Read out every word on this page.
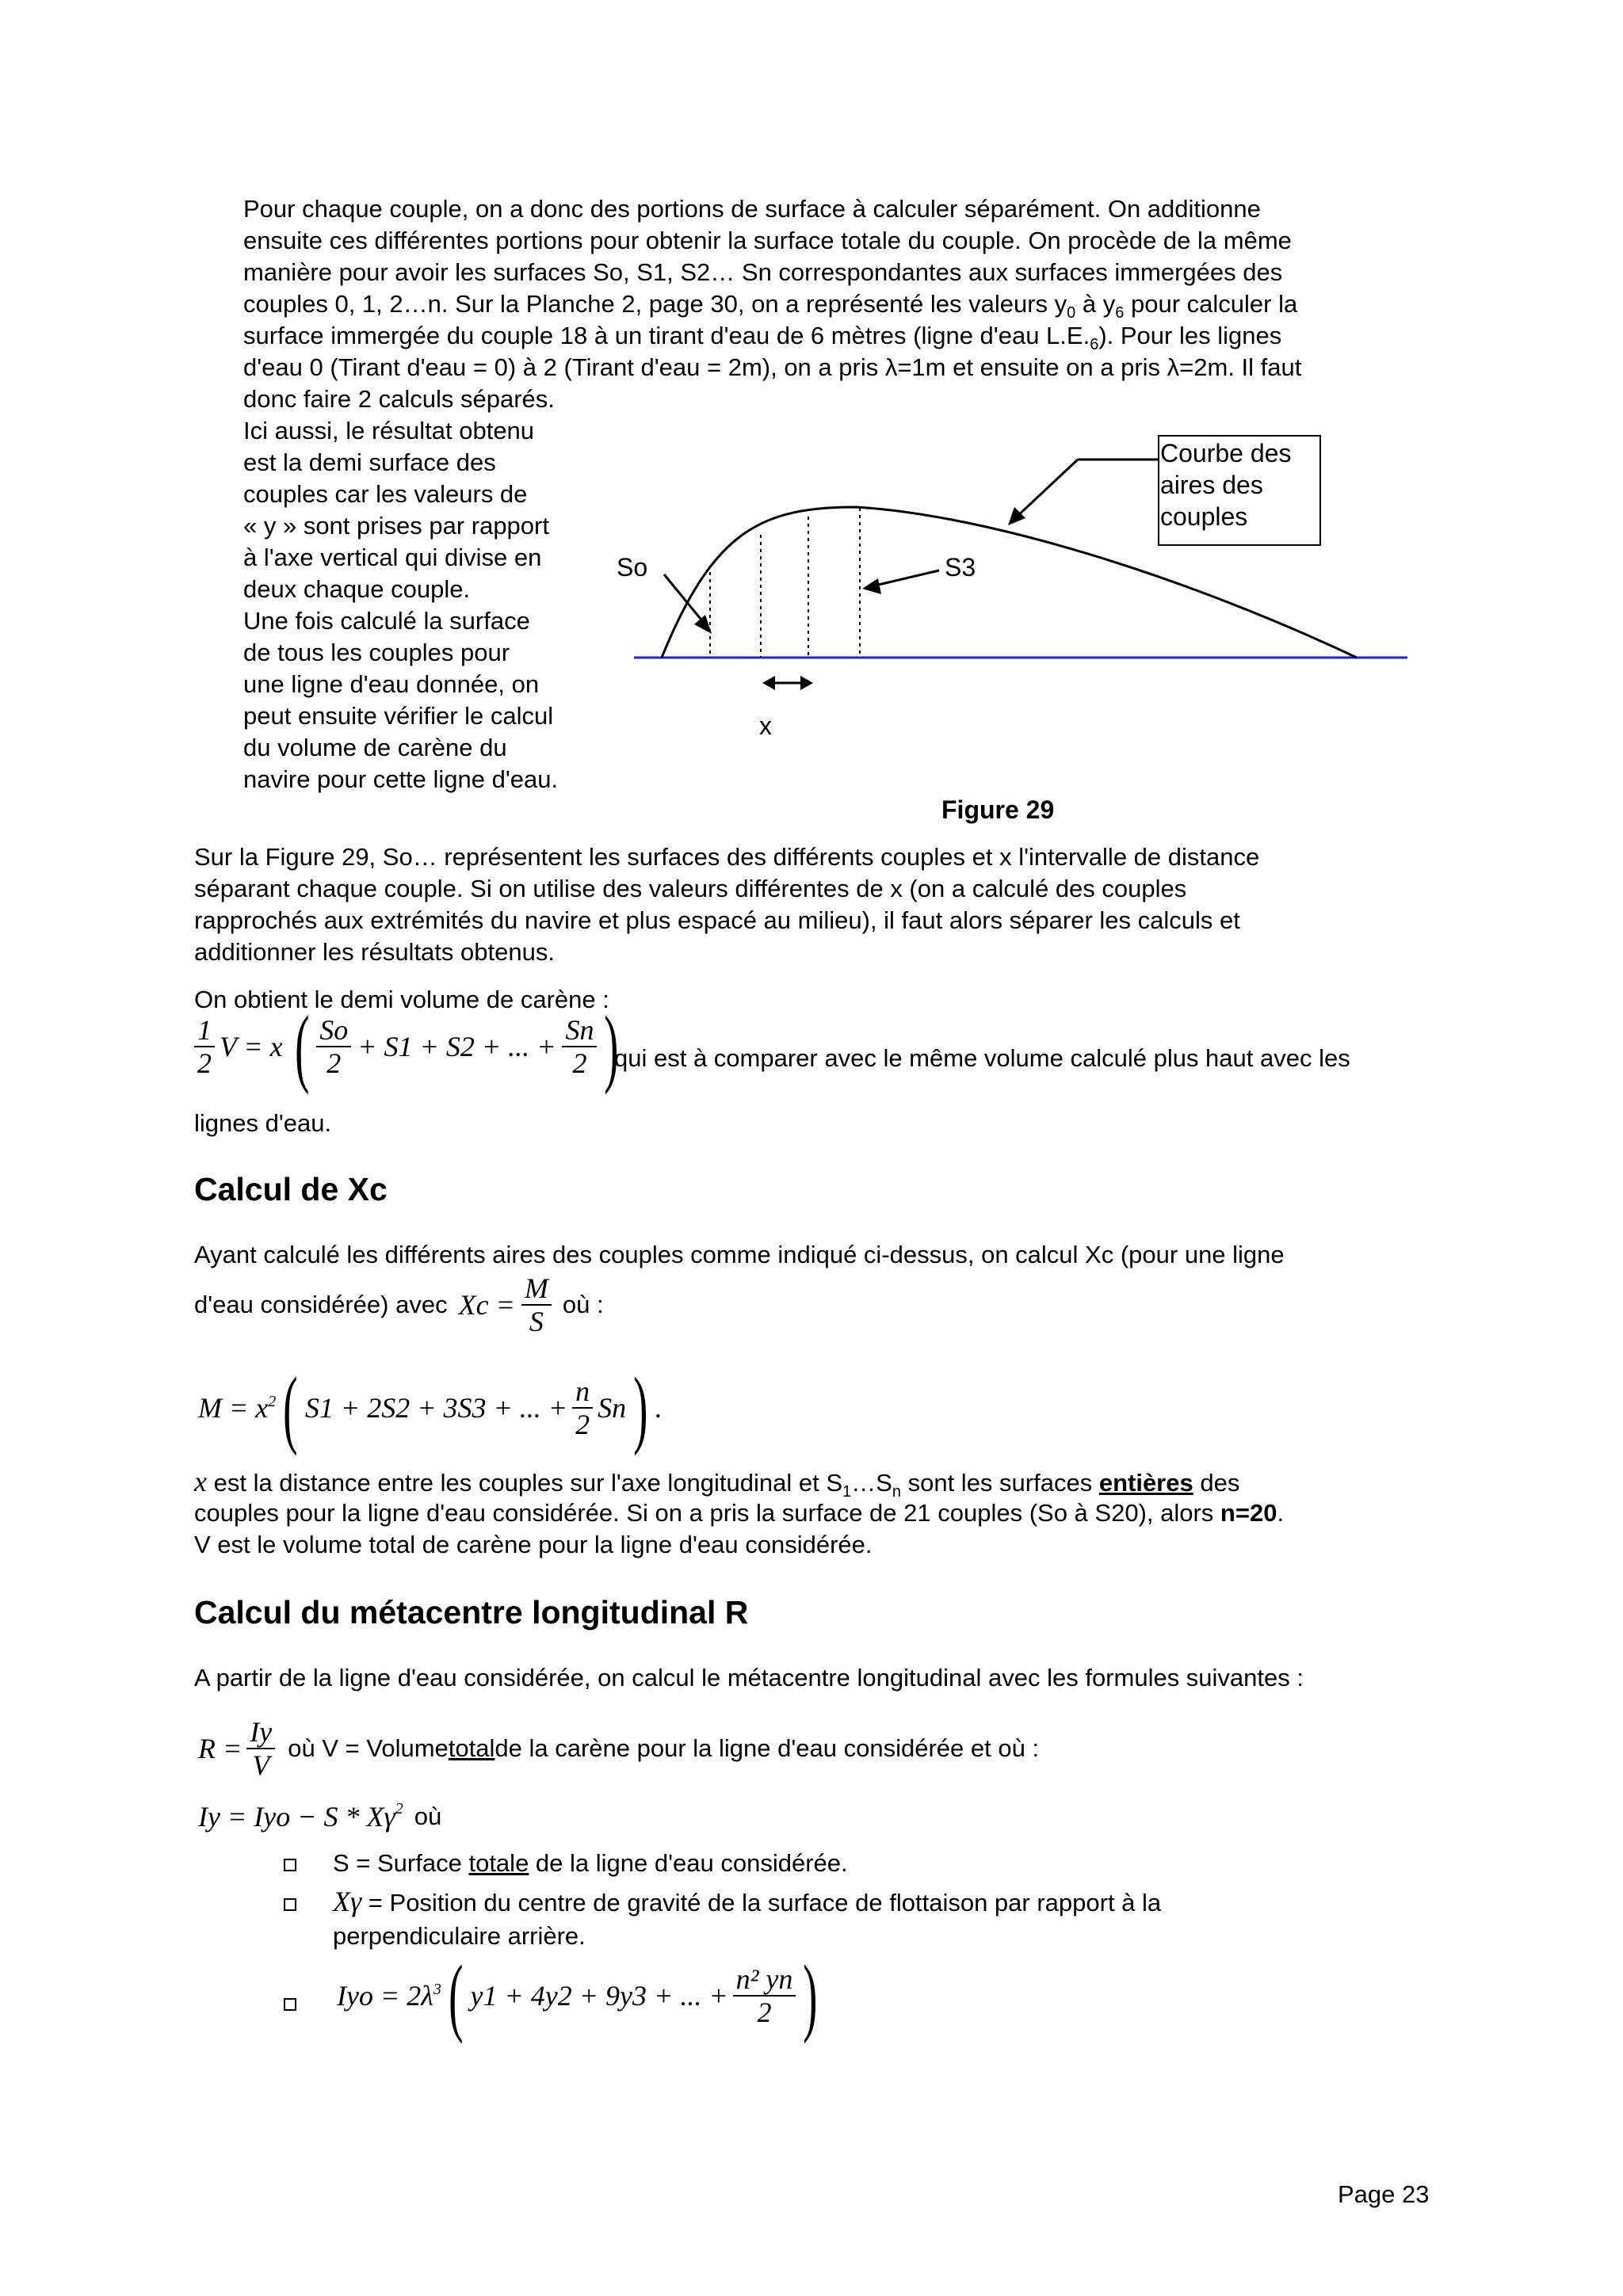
Pour chaque couple, on a donc des portions de surface à calculer séparément. On additionne
ensuite ces différentes portions pour obtenir la surface totale du couple. On procède de la même
manière pour avoir les surfaces So, S1, S2… Sn correspondantes aux surfaces immergées des
couples 0, 1, 2…n. Sur la Planche 2, page 30, on a représenté les valeurs $y_0$ à $y_6$ pour calculer la
surface immergée du couple 18 à un tirant d'eau de 6 mètres (ligne d'eau $L.E._6$). Pour les lignes
d'eau 0 (Tirant d'eau = 0) à 2 (Tirant d'eau = 2m), on a pris λ=1m et ensuite on a pris λ=2m. Il faut
donc faire 2 calculs séparés.
Ici aussi, le résultat obtenu
est la demi surface des
couples car les valeurs de
« y » sont prises par rapport
à l'axe vertical qui divise en
deux chaque couple.
Une fois calculé la surface
de tous les couples pour
une ligne d'eau donnée, on
peut ensuite vérifier le calcul
du volume de carène du
navire pour cette ligne d'eau.
So	S3
x
Courbe des
aires des
couples
Figure 29
Sur la Figure 29, So… représentent les surfaces des différents couples et x l'intervalle de distance
séparant chaque couple. Si on utilise des valeurs différentes de x (on a calculé des couples
rapprochés aux extrémités du navire et plus espacé au milieu), il faut alors séparer les calculs et
additionner les résultats obtenus.
On obtient le demi volume de carène :
$\frac{1}{2}$ V = x ( $\frac{So}{2} + S1 + S2$ + ... + $\frac{Sn}{2}$ )
qui est à comparer avec le même volume calculé plus haut avec les
lignes d'eau.
Calcul de Xc
Ayant calculé les différents aires des couples comme indiqué ci-dessus, on calcul Xc (pour une ligne
d'eau considérée) avec $Xc = \frac{M}{S}$ où :
$M = x^2$ ( S1 + 2S2 + 3S3 + ... + $\frac{n}{2}$ Sn ) .
x est la distance entre les couples sur l'axe longitudinal et $S_1\dots S_n$ sont les surfaces entières des
couples pour la ligne d'eau considérée. Si on a pris la surface de 21 couples (So à S20), alors n=20.
V est le volume total de carène pour la ligne d'eau considérée.
Calcul du métacentre longitudinal R
A partir de la ligne d'eau considérée, on calcul le métacentre longitudinal avec les formules suivantes :
$R = \frac{Iy}{V}$ où V = Volume total de la carène pour la ligne d'eau considérée et où :
Iy = Iyo − S * $X\gamma^2$ où
S = Surface totale de la ligne d'eau considérée.
Xγ = Position du centre de gravité de la surface de flottaison par rapport à la
perpendiculaire arrière.
Iyo = $2\lambda^3$ ( y1 + 4y2 + 9y3 + ... + $\frac{\text{n² yn}}{2}$ )
Page 23
